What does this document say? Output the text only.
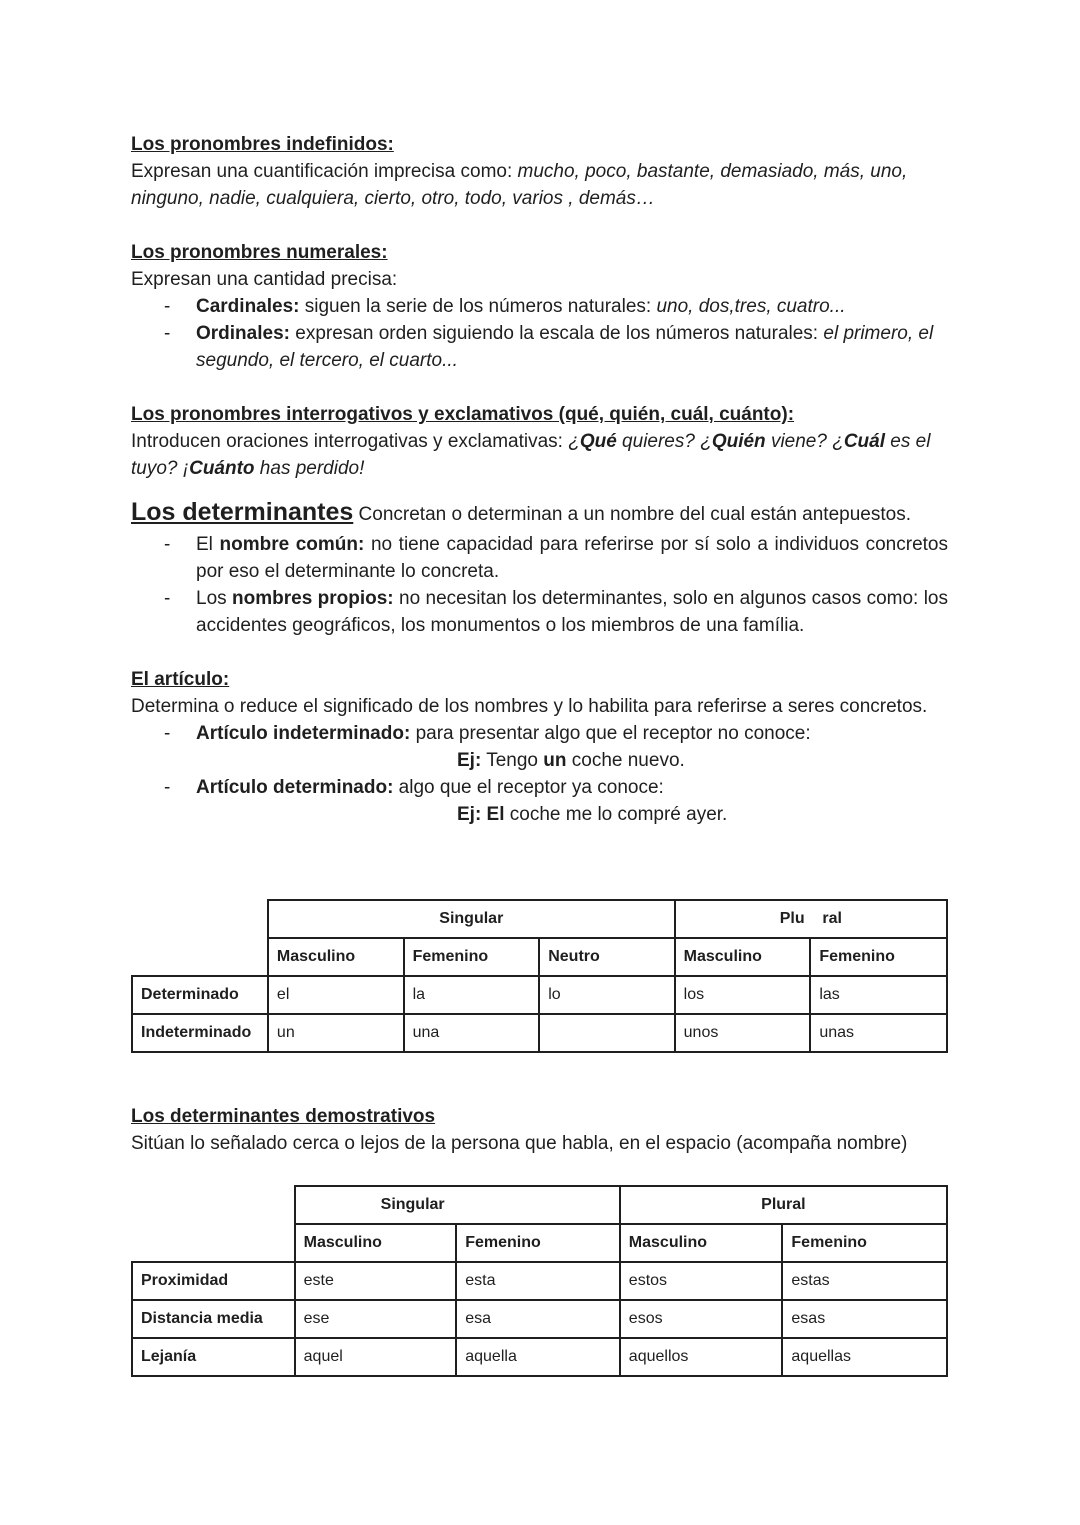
Los pronombres indefinidos:

Expresan una cuantificación imprecisa como: mucho, poco, bastante, demasiado, más, uno,
ninguno, nadie, cualquiera, cierto, otro, todo, varios , demás…

Los pronombres numerales:

Expresan una cantidad precisa:

- Cardinales: siguen la serie de los números naturales: uno, dos,tres, cuatro...
- Ordinales: expresan orden siguiendo la escala de los números naturales: el primero, el segundo, el tercero, el cuarto...

Los pronombres interrogativos y exclamativos (qué, quién, cuál, cuánto):

Introducen oraciones interrogativas y exclamativas: ¿Qué quieres? ¿Quién viene? ¿Cuál es el tuyo? ¡Cuánto has perdido!

Los determinantes Concretan o determinan a un nombre del cual están antepuestos.

- El nombre común: no tiene capacidad para referirse por sí solo a individuos concretos por eso el determinante lo concreta.
- Los nombres propios: no necesitan los determinantes, solo en algunos casos como: los accidentes geográficos, los monumentos o los miembros de una família.

El artículo:

Determina o reduce el significado de los nombres y lo habilita para referirse a seres concretos.

- Artículo indeterminado: para presentar algo que el receptor no conoce:
Ej: Tengo un coche nuevo.
- Artículo determinado: algo que el receptor ya conoce:
Ej: El coche me lo compré ayer.
	Singular			Plu    ral	
	Masculino	Femenino	Neutro	Masculino	Femenino
Determinado	el	la	lo	los	las
Indeterminado	un	una		unos	unas

Los determinantes demostrativos

Sitúan lo señalado cerca o lejos de la persona que habla, en el espacio (acompaña nombre)

	Singular		Plural	
	Masculino	Femenino	Masculino	Femenino
Proximidad	este	esta	estos	estas
Distancia media	ese	esa	esos	esas
Lejanía	aquel	aquella	aquellos	aquellas
